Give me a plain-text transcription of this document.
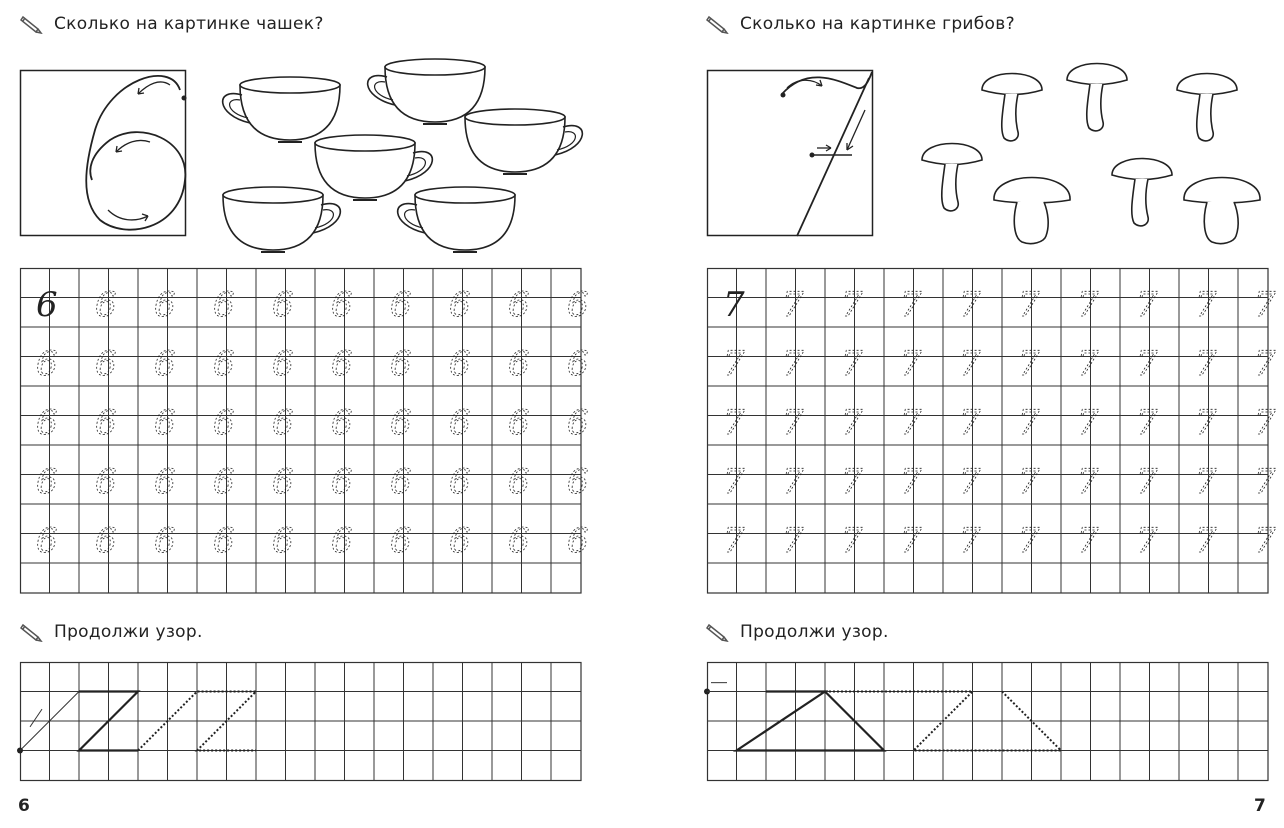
Сколько на картинке чашек?
6 6 6 6 6 6 6 6 6 6
6 6 6 6 6 6 6 6 6 6
6 6 6 6 6 6 6 6 6 6
6 6 6 6 6 6 6 6 6 6
6 6 6 6 6 6 6 6 6 6
Продолжи узор.
6
Сколько на картинке грибов?
7 7 7 7 7 7 7 7 7 7
7 7 7 7 7 7 7 7 7 7
7 7 7 7 7 7 7 7 7 7
7 7 7 7 7 7 7 7 7 7
7 7 7 7 7 7 7 7 7 7
Продолжи узор.
7
